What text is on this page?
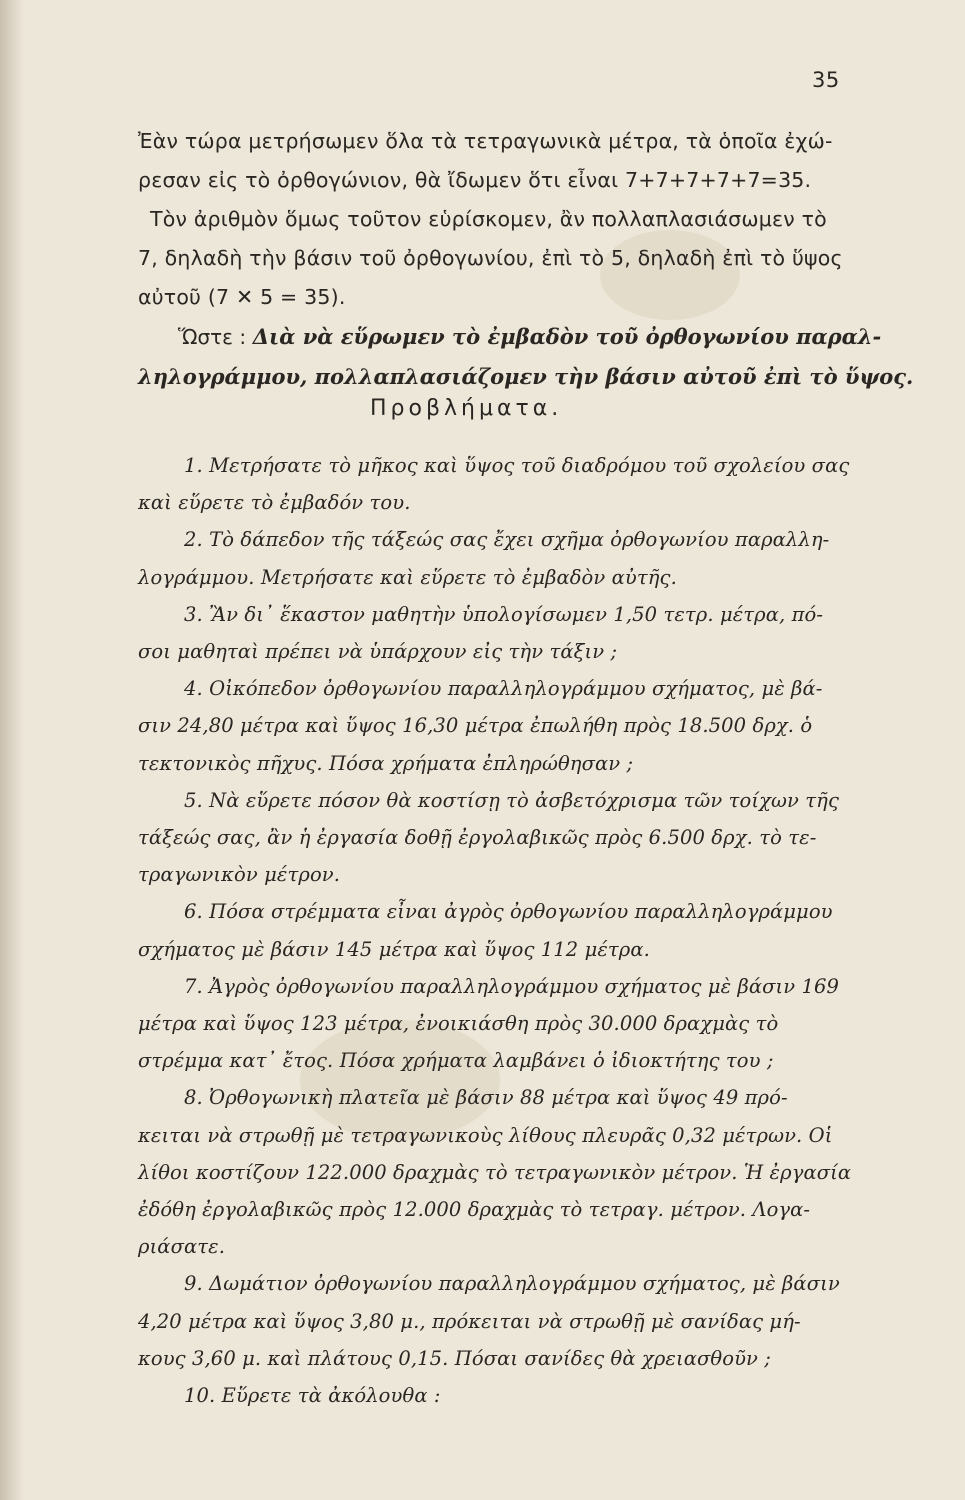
35
Ἐὰν τώρα μετρήσωμεν ὅλα τὰ τετραγωνικὰ μέτρα, τὰ ὁποῖα ἐχώ-
ρεσαν εἰς τὸ ὀρθογώνιον, θὰ ἴδωμεν ὅτι εἶναι 7+7+7+7+7=35.
Τὸν ἀριθμὸν ὅμως τοῦτον εὑρίσκομεν, ἂν πολλαπλασιάσωμεν τὸ
7, δηλαδὴ τὴν βάσιν τοῦ ὀρθογωνίου, ἐπὶ τὸ 5, δηλαδὴ ἐπὶ τὸ ὕψος
αὐτοῦ (7 ✕ 5 = 35).
Ὥστε : Διὰ νὰ εὕρωμεν τὸ ἐμβαδὸν τοῦ ὀρθογωνίου παραλ-
ληλογράμμου, πολλαπλασιάζομεν τὴν βάσιν αὐτοῦ ἐπὶ τὸ ὕψος.
Προβλήματα.
1. Μετρήσατε τὸ μῆκος καὶ ὕψος τοῦ διαδρόμου τοῦ σχολείου σας
καὶ εὕρετε τὸ ἐμβαδόν του.
2. Τὸ δάπεδον τῆς τάξεώς σας ἔχει σχῆμα ὀρθογωνίου παραλλη-
λογράμμου. Μετρήσατε καὶ εὕρετε τὸ ἐμβαδὸν αὐτῆς.
3. Ἂν δι᾽ ἕκαστον μαθητὴν ὑπολογίσωμεν 1,50 τετρ. μέτρα, πό-
σοι μαθηταὶ πρέπει νὰ ὑπάρχουν εἰς τὴν τάξιν ;
4. Οἰκόπεδον ὀρθογωνίου παραλληλογράμμου σχήματος, μὲ βά-
σιν 24,80 μέτρα καὶ ὕψος 16,30 μέτρα ἐπωλήθη πρὸς 18.500 δρχ. ὁ
τεκτονικὸς πῆχυς. Πόσα χρήματα ἐπληρώθησαν ;
5. Νὰ εὕρετε πόσον θὰ κοστίσῃ τὸ ἀσβετόχρισμα τῶν τοίχων τῆς
τάξεώς σας, ἂν ἡ ἐργασία δοθῇ ἐργολαβικῶς πρὸς 6.500 δρχ. τὸ τε-
τραγωνικὸν μέτρον.
6. Πόσα στρέμματα εἶναι ἀγρὸς ὀρθογωνίου παραλληλογράμμου
σχήματος μὲ βάσιν 145 μέτρα καὶ ὕψος 112 μέτρα.
7. Ἀγρὸς ὀρθογωνίου παραλληλογράμμου σχήματος μὲ βάσιν 169
μέτρα καὶ ὕψος 123 μέτρα, ἐνοικιάσθη πρὸς 30.000 δραχμὰς τὸ
στρέμμα κατ᾽ ἔτος. Πόσα χρήματα λαμβάνει ὁ ἰδιοκτήτης του ;
8. Ὀρθογωνικὴ πλατεῖα μὲ βάσιν 88 μέτρα καὶ ὕψος 49 πρό-
κειται νὰ στρωθῇ μὲ τετραγωνικοὺς λίθους πλευρᾶς 0,32 μέτρων. Οἱ
λίθοι κοστίζουν 122.000 δραχμὰς τὸ τετραγωνικὸν μέτρον. Ἡ ἐργασία
ἐδόθη ἐργολαβικῶς πρὸς 12.000 δραχμὰς τὸ τετραγ. μέτρον. Λογα-
ριάσατε.
9. Δωμάτιον ὀρθογωνίου παραλληλογράμμου σχήματος, μὲ βάσιν
4,20 μέτρα καὶ ὕψος 3,80 μ., πρόκειται νὰ στρωθῇ μὲ σανίδας μή-
κους 3,60 μ. καὶ πλάτους 0,15. Πόσαι σανίδες θὰ χρειασθοῦν ;
10. Εὕρετε τὰ ἀκόλουθα :
